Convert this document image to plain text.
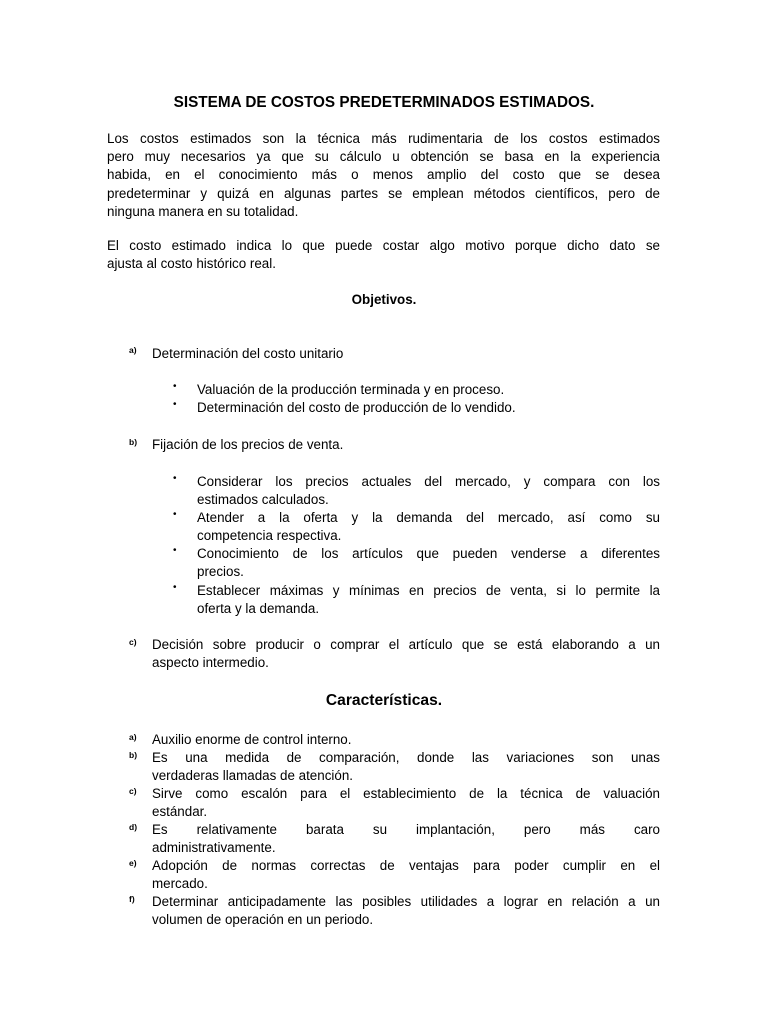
SISTEMA DE COSTOS PREDETERMINADOS ESTIMADOS.
Los costos estimados son la técnica más rudimentaria de los costos estimados
pero muy necesarios ya que su cálculo u obtención se basa en la experiencia
habida, en el conocimiento más o menos amplio del costo que se desea
predeterminar y quizá en algunas partes se emplean métodos científicos, pero de
ninguna manera en su totalidad.
El costo estimado indica lo que puede costar algo motivo porque dicho dato se
ajusta al costo histórico real.
Objetivos.
a) Determinación del costo unitario
• Valuación de la producción terminada y en proceso.
• Determinación del costo de producción de lo vendido.
b) Fijación de los precios de venta.
• Considerar los precios actuales del mercado, y compara con los
estimados calculados.
• Atender a la oferta y la demanda del mercado, así como su
competencia respectiva.
• Conocimiento de los artículos que pueden venderse a diferentes
precios.
• Establecer máximas y mínimas en precios de venta, si lo permite la
oferta y la demanda.
c) Decisión sobre producir o comprar el artículo que se está elaborando a un
aspecto intermedio.
Características.
a) Auxilio enorme de control interno.
b) Es una medida de comparación, donde las variaciones son unas
verdaderas llamadas de atención.
c) Sirve como escalón para el establecimiento de la técnica de valuación
estándar.
d) Es relativamente barata su implantación, pero más caro
administrativamente.
e) Adopción de normas correctas de ventajas para poder cumplir en el
mercado.
f) Determinar anticipadamente las posibles utilidades a lograr en relación a un
volumen de operación en un periodo.
